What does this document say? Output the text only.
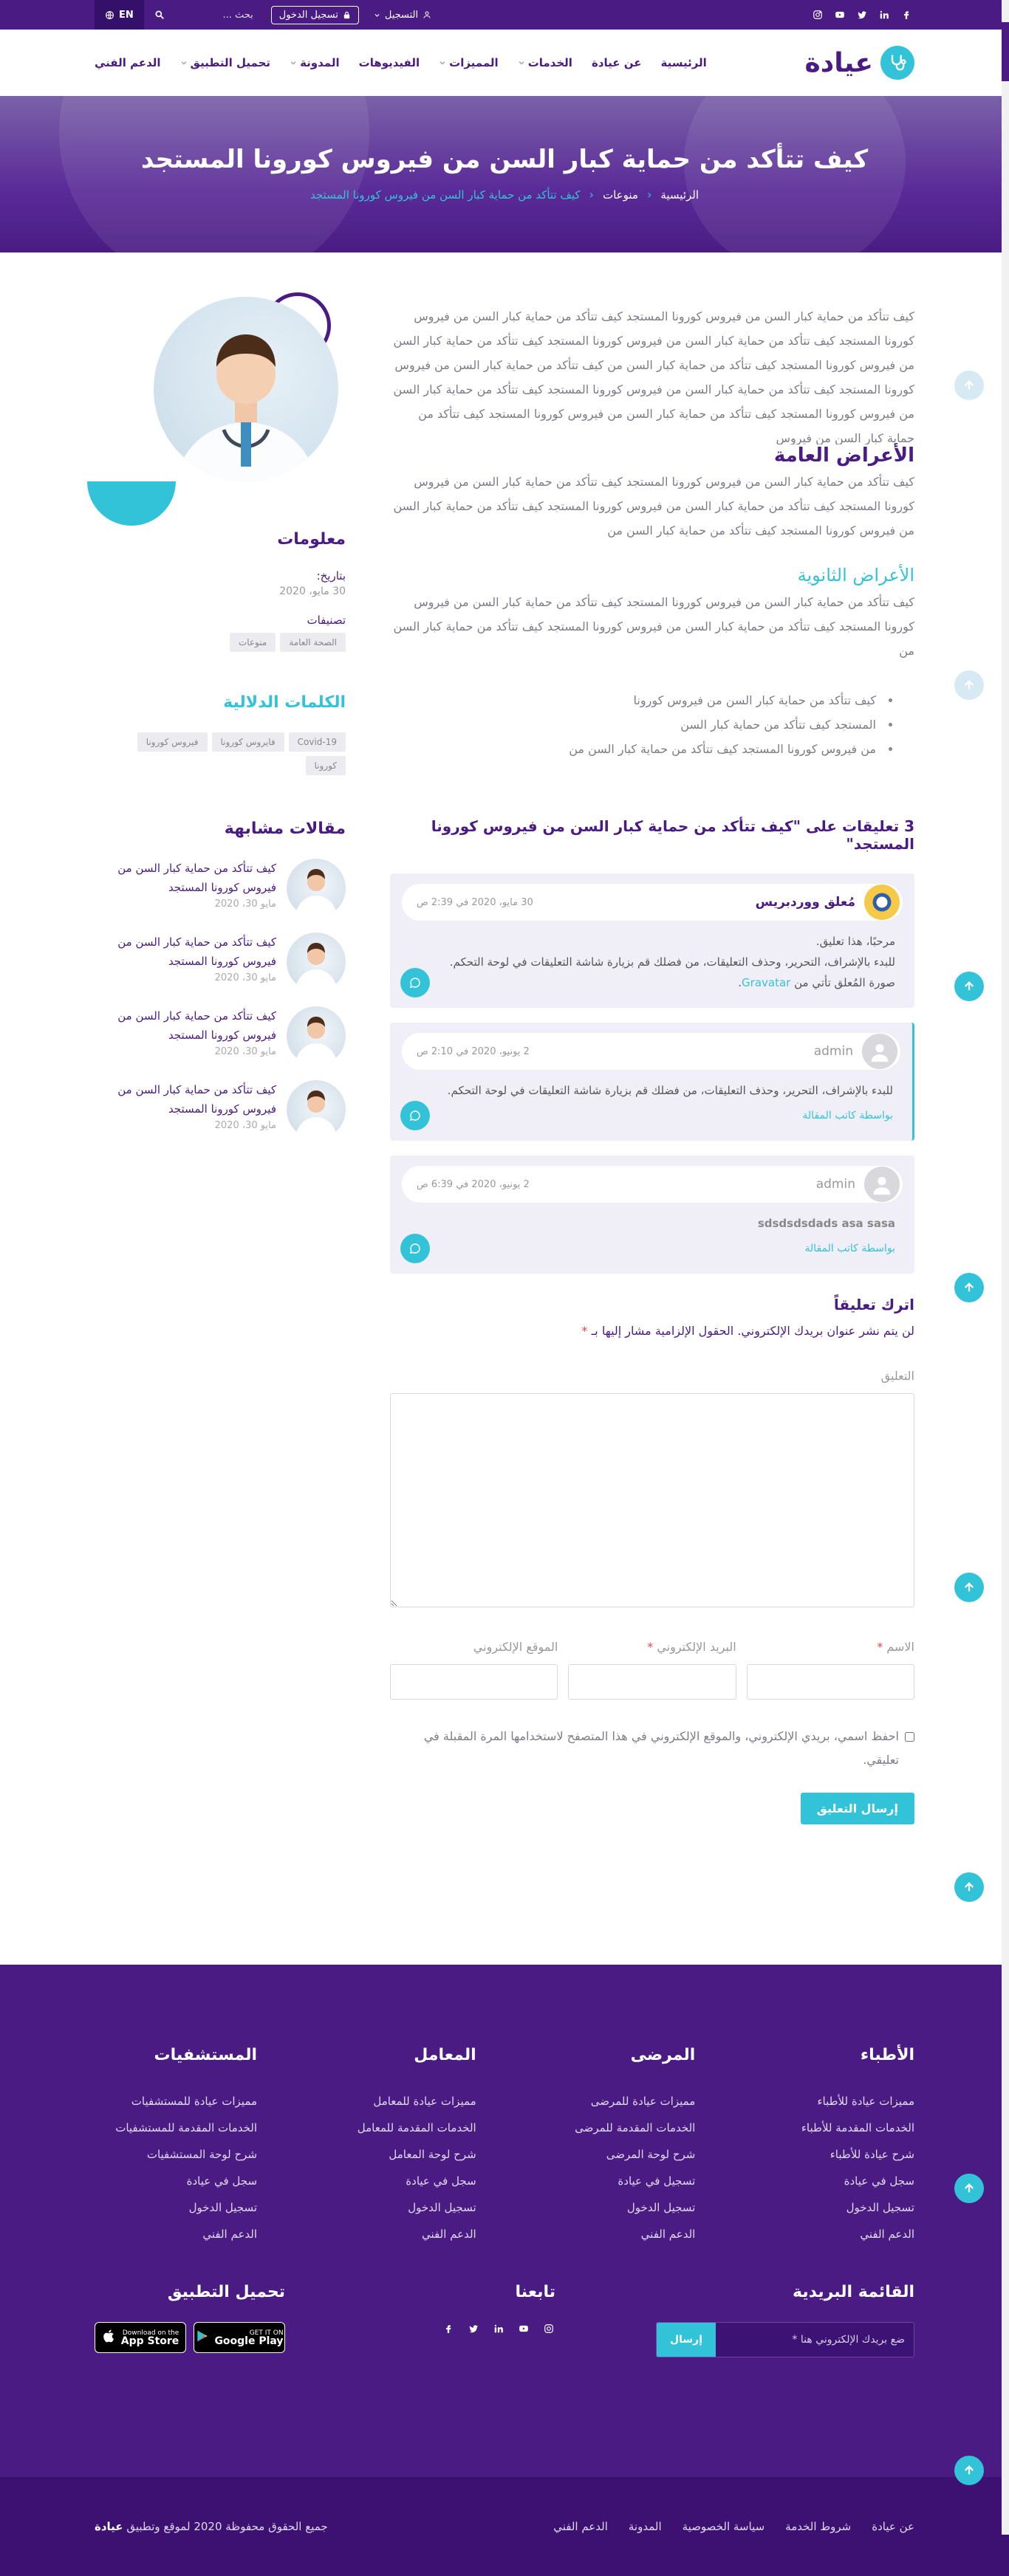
التسجيل
تسجيل الدخول
بحث ...
EN
عيادة
الرئيسية
عن عيادة
الخدمات
المميزات
الفيديوهات
المدونة
تحميل التطبيق
الدعم الفني
كيف تتأكد من حماية كبار السن من فيروس كورونا المستجد
الرئيسية
‹
منوعات
‹
كيف تتأكد من حماية كبار السن من فيروس كورونا المستجد

كيف تتأكد من حماية كبار السن من فيروس كورونا المستجد كيف تتأكد من حماية كبار السن من فيروس كورونا المستجد كيف تتأكد من حماية كبار السن من فيروس كورونا المستجد كيف تتأكد من حماية كبار السن من فيروس كورونا المستجد كيف تتأكد من حماية كبار السن من كيف تتأكد من حماية كبار السن من فيروس كورونا المستجد كيف تتأكد من حماية كبار السن من فيروس كورونا المستجد كيف تتأكد من حماية كبار السن من فيروس كورونا المستجد كيف تتأكد من حماية كبار السن من فيروس كورونا المستجد كيف تتأكد من حماية كبار السن من فيروس

الأعراض العامة

كيف تتأكد من حماية كبار السن من فيروس كورونا المستجد كيف تتأكد من حماية كبار السن من فيروس كورونا المستجد كيف تتأكد من حماية كبار السن من فيروس كورونا المستجد كيف تتأكد من حماية كبار السن من فيروس كورونا المستجد كيف تتأكد من حماية كبار السن من

الأعراض الثانوية

كيف تتأكد من حماية كبار السن من فيروس كورونا المستجد كيف تتأكد من حماية كبار السن من فيروس كورونا المستجد كيف تتأكد من حماية كبار السن من فيروس كورونا المستجد كيف تتأكد من حماية كبار السن من

كيف تتأكد من حماية كبار السن من فيروس كورونا
المستجد كيف تتأكد من حماية كبار السن
من فيروس كورونا المستجد كيف تتأكد من حماية كبار السن من
3 تعليقات على "كيف تتأكد من حماية كبار السن من فيروس كورونا المستجد"
مُعلق ووردبريس
30 مايو، 2020 في 2:39 ص
مرحبًا، هذا تعليق.
للبدء بالإشراف، التحرير، وحذف التعليقات، من فضلك قم بزيارة شاشة التعليقات في لوحة التحكم.
صورة المُعلق تأتي من Gravatar.
admin
2 يونيو، 2020 في 2:10 ص
للبدء بالإشراف، التحرير، وحذف التعليقات، من فضلك قم بزيارة شاشة التعليقات في لوحة التحكم.
بواسطة كاتب المقالة
admin
2 يونيو، 2020 في 6:39 ص
sdsdsdsdads asa sasa
بواسطة كاتب المقالة
اترك تعليقاً
لن يتم نشر عنوان بريدك الإلكتروني. الحقول الإلزامية مشار إليها بـ *
التعليق
الاسم *
البريد الإلكتروني *
الموقع الإلكتروني
احفظ اسمي، بريدي الإلكتروني، والموقع الإلكتروني في هذا المتصفح لاستخدامها المرة المقبلة في تعليقي.
إرسال التعليق
معلومات
بتاريخ:
30 مايو، 2020
تصنيفات
الصحة العامة
منوعات
الكلمات الدلالية
Covid-19
فايروس كورونا
فيروس كورونا
كورونا
مقالات مشابهة
كيف تتأكد من حماية كبار السن من فيروس كورونا المستجد
مايو 30، 2020
كيف تتأكد من حماية كبار السن من فيروس كورونا المستجد
مايو 30، 2020
كيف تتأكد من حماية كبار السن من فيروس كورونا المستجد
مايو 30، 2020
كيف تتأكد من حماية كبار السن من فيروس كورونا المستجد
مايو 30، 2020
الأطباء
مميزات عيادة للأطباء
الخدمات المقدمة للأطباء
شرح عيادة للأطباء
سجل في عيادة
تسجيل الدخول
الدعم الفني
المرضى
مميزات عيادة للمرضى
الخدمات المقدمة للمرضى
شرح لوحة المرضى
تسجيل في عيادة
تسجيل الدخول
الدعم الفني
المعامل
مميزات عيادة للمعامل
الخدمات المقدمة للمعامل
شرح لوحة المعامل
سجل في عيادة
تسجيل الدخول
الدعم الفني
المستشفيات
مميزات عيادة للمستشفيات
الخدمات المقدمة للمستشفيات
شرح لوحة المستشفيات
سجل في عيادة
تسجيل الدخول
الدعم الفني
القائمة البريدية
ضع بريدك الإلكتروني هنا *
إرسال
تابعنا
تحميل التطبيق
GET IT ON
Google Play
Download on the
App Store
عن عيادة
شروط الخدمة
سياسة الخصوصية
المدونة
الدعم الفني
جميع الحقوق محفوظة 2020 لموقع وتطبيق عيادة
